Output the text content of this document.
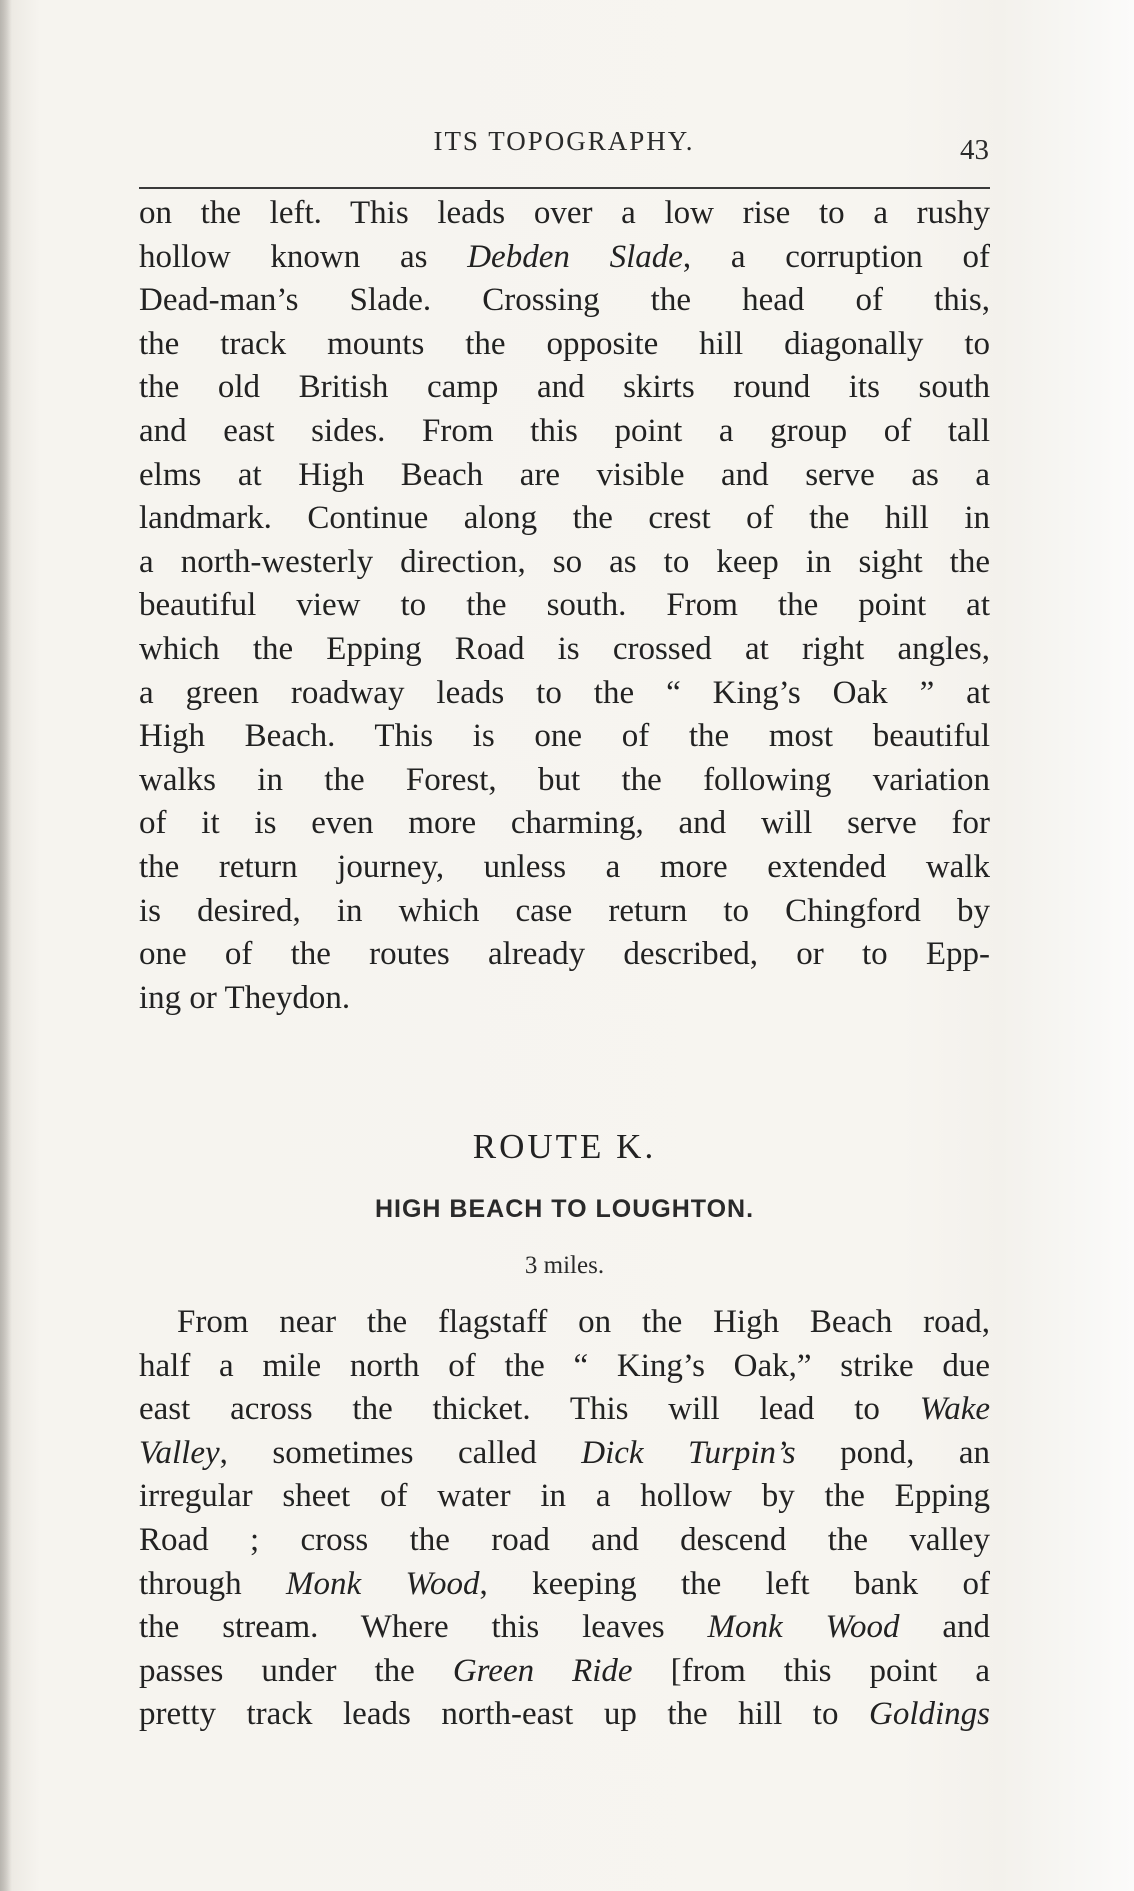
ITS TOPOGRAPHY.	43
on the left. This leads over a low rise to a rushy
hollow known as Debden Slade, a corruption of
Dead-man’s Slade. Crossing the head of this,
the track mounts the opposite hill diagonally to
the old British camp and skirts round its south
and east sides. From this point a group of tall
elms at High Beach are visible and serve as a
landmark. Continue along the crest of the hill in
a north-westerly direction, so as to keep in sight the
beautiful view to the south. From the point at
which the Epping Road is crossed at right angles,
a green roadway leads to the “ King’s Oak ” at
High Beach. This is one of the most beautiful
walks in the Forest, but the following variation
of it is even more charming, and will serve for
the return journey, unless a more extended walk
is desired, in which case return to Chingford by
one of the routes already described, or to Epp-
ing or Theydon.
ROUTE K.
HIGH BEACH TO LOUGHTON.
3 miles.
From near the flagstaff on the High Beach road,
half a mile north of the “ King’s Oak,” strike due
east across the thicket. This will lead to Wake
Valley, sometimes called Dick Turpin’s pond, an
irregular sheet of water in a hollow by the Epping
Road ; cross the road and descend the valley
through Monk Wood, keeping the left bank of
the stream. Where this leaves Monk Wood and
passes under the Green Ride [from this point a
pretty track leads north-east up the hill to Goldings
